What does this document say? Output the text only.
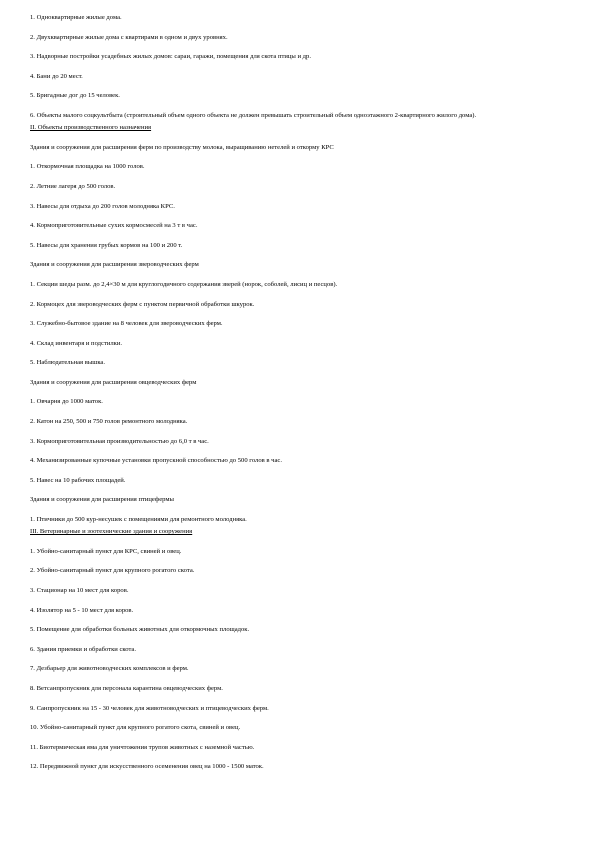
1. Одноквартирные жилые дома.

2. Двухквартирные жилые дома с квартирами в одном и двух уровнях.

3. Надворные постройки усадебных жилых домов: сараи, гаражи, помещения для скота птицы и др.

4. Бани до 20 мест.

5. Бригадные дог до 15 человек.

6. Объекты малого соцкультбыта (строительный объем одного объекта не должен превышать строительный объем одноэтажного 2-квартирного жилого дома).

II. Объекты производственного назначения

Здания и сооружения для расширения ферм по производству молока, выращиванию нетелей и откорму КРС

1. Откормочная площадка на 1000 голов.

2. Летние лагеря до 500 голов.

3. Навесы для отдыха до 200 голов молодняка КРС.

4. Кормоприготовительные сухих кормосмесей на 3 т в час.

5. Навесы для хранения грубых кормов на 100 и 200 т.

Здания и сооружения для расширения звероводческих ферм

1. Секции шеды разм. до 2,4×30 м для круглогодичного содержания зверей (норок, соболей, лисиц и песцов).

2. Кормоцех для звероводческих ферм с пунктом первичной обработки шкурок.

3. Служебно-бытовое здание на 8 человек для звероводческих ферм.

4. Склад инвентаря и подстилки.

5. Наблюдательная вышка.

Здания и сооружения для расширения овцеводческих ферм

1. Овчарня до 1000 маток.

2. Катон на 250, 500 и 750 голов ремонтного молодняка.

3. Кормоприготовительная производительностью до 6,0 т в час.

4. Механизированные купочные установки пропускной способностью до 500 голов в час.

5. Навес на 10 рабочих площадей.

Здания и сооружения для расширения птицефермы

1. Птичники до 500 кур-несушек с помещениями для ремонтного молодняка.

III. Ветеринарные и зоотехнические здания и сооружения

1. Убойно-санитарный пункт для КРС, свиней и овец.

2. Убойно-санитарный пункт для крупного рогатого скота.

3. Стационар на 10 мест для коров.

4. Изолятор на 5 - 10 мест для коров.

5. Помещение для обработки больных животных для откормочных площадок.

6. Здания приемки и обработки скота.

7. Дезбарьер для животноводческих комплексов и ферм.

8. Ветсанпропускник для персонала карантина овцеводческих ферм.

9. Санпропускник на 15 - 30 человек для животноводческих и птицеводческих ферм.

10. Убойно-санитарный пункт для крупного рогатого скота, свиней и овец.

11. Биотермическая яма для уничтожения трупов животных с наземной частью.

12. Передвижной пункт для искусственного осеменения овец на 1000 - 1500 маток.
